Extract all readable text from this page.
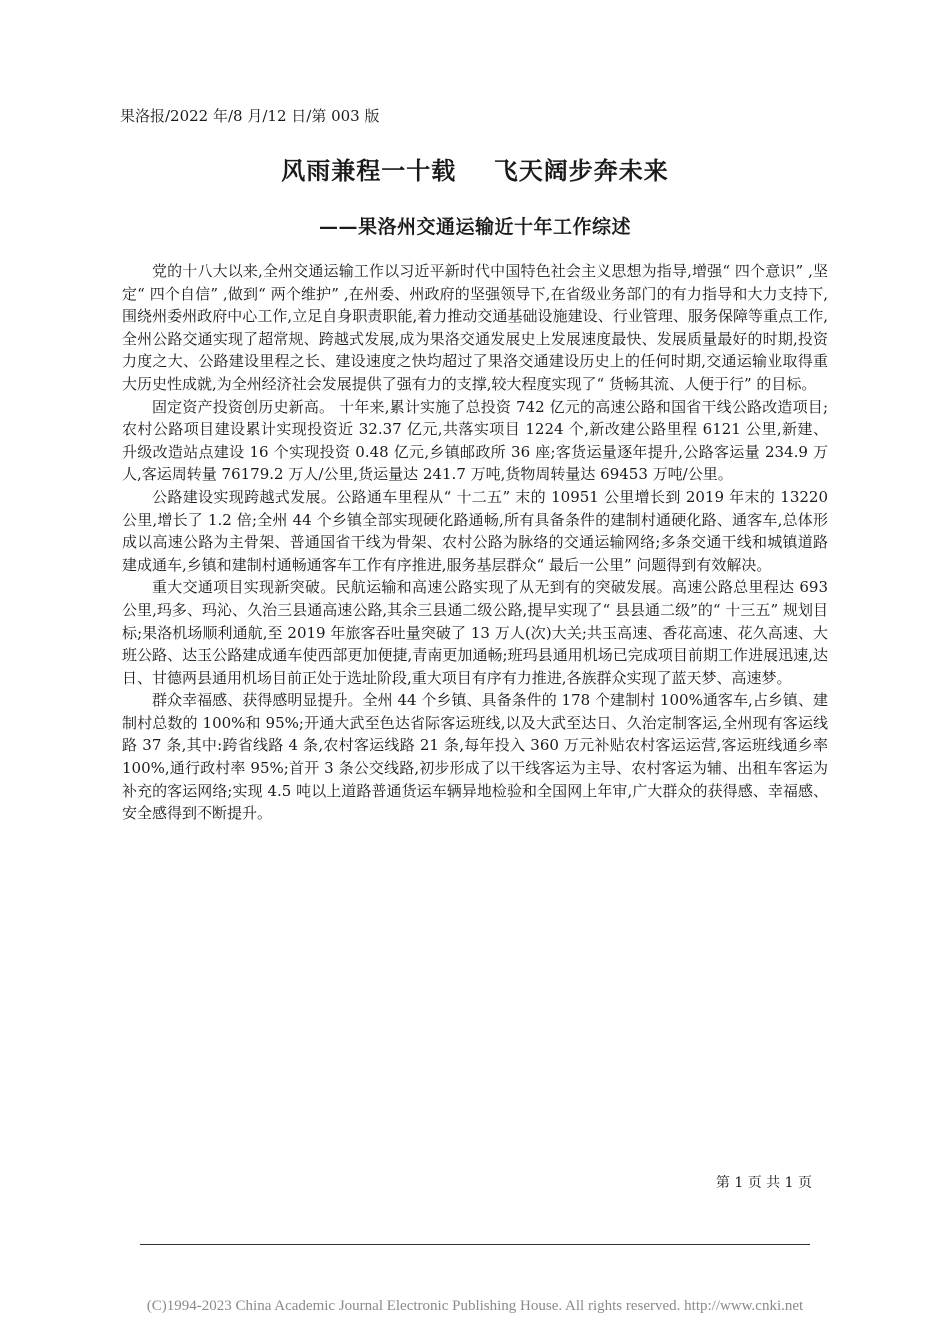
果洛报/2022 年/8 月/12 日/第 003 版
风雨兼程一十载    飞天阔步奔未来
——果洛州交通运输近十年工作综述

党的十八大以来,全州交通运输工作以习近平新时代中国特色社会主义思想为指导,增强“ 四个意识” ,坚定“ 四个自信” ,做到“ 两个维护” ,在州委、州政府的坚强领导下,在省级业务部门的有力指导和大力支持下,围绕州委州政府中心工作,立足自身职责职能,着力推动交通基础设施建设、行业管理、服务保障等重点工作,全州公路交通实现了超常规、跨越式发展,成为果洛交通发展史上发展速度最快、发展质量最好的时期,投资力度之大、公路建设里程之长、建设速度之快均超过了果洛交通建设历史上的任何时期,交通运输业取得重大历史性成就,为全州经济社会发展提供了强有力的支撑,较大程度实现了“ 货畅其流、人便于行” 的目标。

固定资产投资创历史新高。 十年来,累计实施了总投资 742 亿元的高速公路和国省干线公路改造项目;农村公路项目建设累计实现投资近 32.37 亿元,共落实项目 1224 个,新改建公路里程 6121 公里,新建、 升级改造站点建设 16 个实现投资 0.48 亿元,乡镇邮政所 36 座;客货运量逐年提升,公路客运量 234.9 万人,客运周转量 76179.2 万人/公里,货运量达 241.7 万吨,货物周转量达 69453 万吨/公里。

公路建设实现跨越式发展。公路通车里程从“ 十二五” 末的 10951 公里增长到 2019 年末的 13220 公里,增长了 1.2 倍;全州 44 个乡镇全部实现硬化路通畅,所有具备条件的建制村通硬化路、通客车,总体形成以高速公路为主骨架、普通国省干线为骨架、农村公路为脉络的交通运输网络;多条交通干线和城镇道路建成通车,乡镇和建制村通畅通客车工作有序推进,服务基层群众“ 最后一公里” 问题得到有效解决。

重大交通项目实现新突破。民航运输和高速公路实现了从无到有的突破发展。高速公路总里程达 693 公里,玛多、玛沁、久治三县通高速公路,其余三县通二级公路,提早实现了“ 县县通二级”的“ 十三五” 规划目标;果洛机场顺利通航,至 2019 年旅客吞吐量突破了 13 万人(次)大关;共玉高速、香花高速、花久高速、大班公路、达玉公路建成通车使西部更加便捷,青南更加通畅;班玛县通用机场已完成项目前期工作进展迅速,达日、甘德两县通用机场目前正处于选址阶段,重大项目有序有力推进,各族群众实现了蓝天梦、高速梦。

群众幸福感、获得感明显提升。全州 44 个乡镇、具备条件的 178 个建制村 100%通客车,占乡镇、建制村总数的 100%和 95%;开通大武至色达省际客运班线,以及大武至达日、久治定制客运,全州现有客运线路 37 条,其中:跨省线路 4 条,农村客运线路 21 条,每年投入 360 万元补贴农村客运运营,客运班线通乡率 100%,通行政村率 95%;首开 3 条公交线路,初步形成了以干线客运为主导、农村客运为辅、出租车客运为补充的客运网络;实现 4.5 吨以上道路普通货运车辆异地检验和全国网上年审,广大群众的获得感、幸福感、安全感得到不断提升。

第 1 页 共 1 页
(C)1994-2023 China Academic Journal Electronic Publishing House. All rights reserved. http://www.cnki.net
